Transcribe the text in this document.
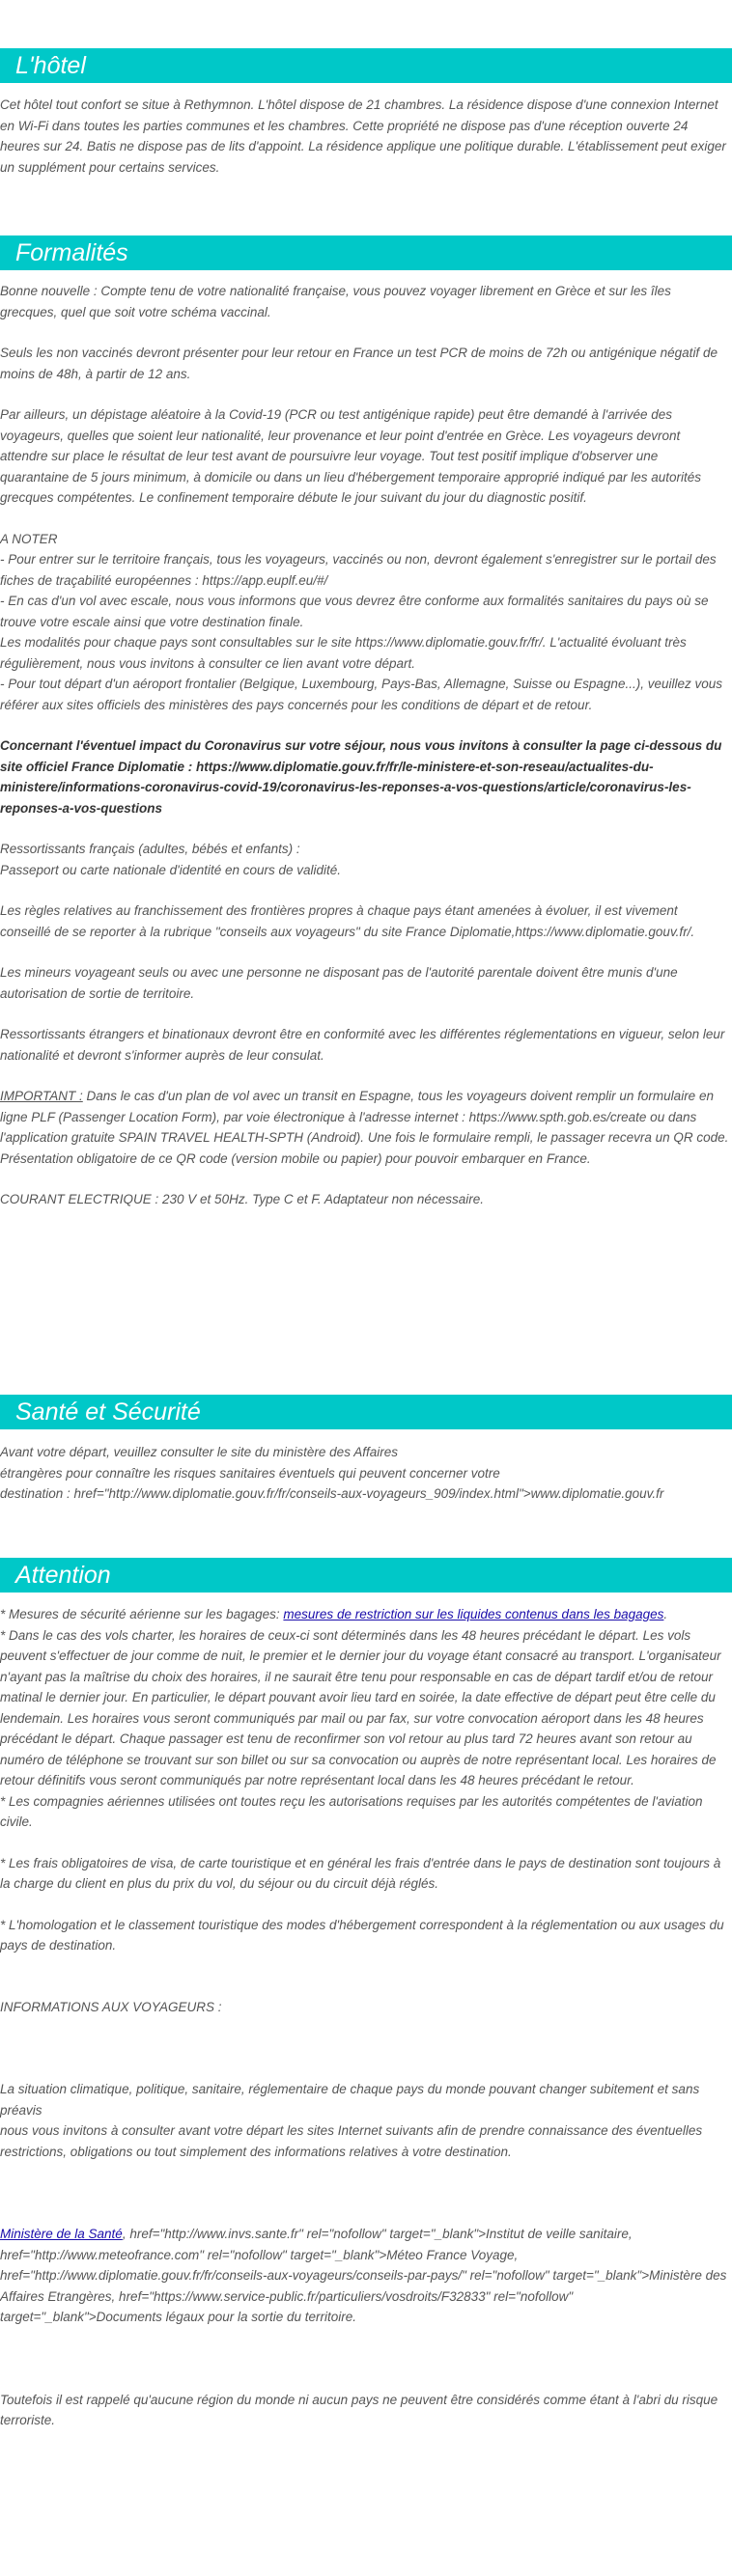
L'hôtel

Cet hôtel tout confort se situe à Rethymnon. L'hôtel dispose de 21 chambres. La résidence dispose d'une connexion Internet en Wi-Fi dans toutes les parties communes et les chambres. Cette propriété ne dispose pas d'une réception ouverte 24 heures sur 24. Batis ne dispose pas de lits d'appoint. La résidence applique une politique durable. L'établissement peut exiger un supplément pour certains services.

Formalités

Bonne nouvelle : Compte tenu de votre nationalité française, vous pouvez voyager librement en Grèce et sur les îles grecques, quel que soit votre schéma vaccinal.

Seuls les non vaccinés devront présenter pour leur retour en France un test PCR de moins de 72h ou antigénique négatif de moins de 48h, à partir de 12 ans.

Par ailleurs, un dépistage aléatoire à la Covid-19 (PCR ou test antigénique rapide) peut être demandé à l'arrivée des voyageurs, quelles que soient leur nationalité, leur provenance et leur point d'entrée en Grèce. Les voyageurs devront attendre sur place le résultat de leur test avant de poursuivre leur voyage. Tout test positif implique d'observer une quarantaine de 5 jours minimum, à domicile ou dans un lieu d'hébergement temporaire approprié indiqué par les autorités grecques compétentes. Le confinement temporaire débute le jour suivant du jour du diagnostic positif.

A NOTER

- Pour entrer sur le territoire français, tous les voyageurs, vaccinés ou non, devront également s'enregistrer sur le portail des fiches de traçabilité européennes : https://app.euplf.eu/#/

- En cas d'un vol avec escale, nous vous informons que vous devrez être conforme aux formalités sanitaires du pays où se trouve votre escale ainsi que votre destination finale.

Les modalités pour chaque pays sont consultables sur le site https://www.diplomatie.gouv.fr/fr/. L'actualité évoluant très régulièrement, nous vous invitons à consulter ce lien avant votre départ.

- Pour tout départ d'un aéroport frontalier (Belgique, Luxembourg, Pays-Bas, Allemagne, Suisse ou Espagne...), veuillez vous référer aux sites officiels des ministères des pays concernés pour les conditions de départ et de retour.

Concernant l'éventuel impact du Coronavirus sur votre séjour, nous vous invitons à consulter la page ci-dessous du site officiel France Diplomatie : https://www.diplomatie.gouv.fr/fr/le-ministere-et-son-reseau/actualites-du-ministere/informations-coronavirus-covid-19/coronavirus-les-reponses-a-vos-questions/article/coronavirus-les-reponses-a-vos-questions

Ressortissants français (adultes, bébés et enfants) :

Passeport ou carte nationale d'identité en cours de validité.

Les règles relatives au franchissement des frontières propres à chaque pays étant amenées à évoluer, il est vivement conseillé de se reporter à la rubrique "conseils aux voyageurs" du site France Diplomatie,https://www.diplomatie.gouv.fr/.

Les mineurs voyageant seuls ou avec une personne ne disposant pas de l'autorité parentale doivent être munis d'une autorisation de sortie de territoire.

Ressortissants étrangers et binationaux devront être en conformité avec les différentes réglementations en vigueur, selon leur nationalité et devront s'informer auprès de leur consulat.

IMPORTANT : Dans le cas d'un plan de vol avec un transit en Espagne, tous les voyageurs doivent remplir un formulaire en ligne PLF (Passenger Location Form), par voie électronique à l'adresse internet : https://www.spth.gob.es/create ou dans l'application gratuite SPAIN TRAVEL HEALTH-SPTH (Android). Une fois le formulaire rempli, le passager recevra un QR code. Présentation obligatoire de ce QR code (version mobile ou papier) pour pouvoir embarquer en France.

COURANT ELECTRIQUE : 230 V et 50Hz. Type C et F. Adaptateur non nécessaire.

Santé et Sécurité

Avant votre départ, veuillez consulter le site du ministère des Affaires

étrangères pour connaître les risques sanitaires éventuels qui peuvent concerner votre

destination : href="http://www.diplomatie.gouv.fr/fr/conseils-aux-voyageurs_909/index.html">www.diplomatie.gouv.fr

Attention

* Mesures de sécurité aérienne sur les bagages: mesures de restriction sur les liquides contenus dans les bagages.

* Dans le cas des vols charter, les horaires de ceux-ci sont déterminés dans les 48 heures précédant le départ. Les vols peuvent s'effectuer de jour comme de nuit, le premier et le dernier jour du voyage étant consacré au transport. L'organisateur n'ayant pas la maîtrise du choix des horaires, il ne saurait être tenu pour responsable en cas de départ tardif et/ou de retour matinal le dernier jour. En particulier, le départ pouvant avoir lieu tard en soirée, la date effective de départ peut être celle du lendemain. Les horaires vous seront communiqués par mail ou par fax, sur votre convocation aéroport dans les 48 heures précédant le départ. Chaque passager est tenu de reconfirmer son vol retour au plus tard 72 heures avant son retour au numéro de téléphone se trouvant sur son billet ou sur sa convocation ou auprès de notre représentant local. Les horaires de retour définitifs vous seront communiqués par notre représentant local dans les 48 heures précédant le retour.

* Les compagnies aériennes utilisées ont toutes reçu les autorisations requises par les autorités compétentes de l'aviation civile.

* Les frais obligatoires de visa, de carte touristique et en général les frais d'entrée dans le pays de destination sont toujours à la charge du client en plus du prix du vol, du séjour ou du circuit déjà réglés.

* L'homologation et le classement touristique des modes d'hébergement correspondent à la réglementation ou aux usages du pays de destination.

INFORMATIONS AUX VOYAGEURS :

La situation climatique, politique, sanitaire, réglementaire de chaque pays du monde pouvant changer subitement et sans préavis

nous vous invitons à consulter avant votre départ les sites Internet suivants afin de prendre connaissance des éventuelles restrictions, obligations ou tout simplement des informations relatives à votre destination.

Ministère de la Santé, href="http://www.invs.sante.fr" rel="nofollow" target="_blank">Institut de veille sanitaire, href="http://www.meteofrance.com" rel="nofollow" target="_blank">Méteo France Voyage, href="http://www.diplomatie.gouv.fr/fr/conseils-aux-voyageurs/conseils-par-pays/" rel="nofollow" target="_blank">Ministère des Affaires Etrangères, href="https://www.service-public.fr/particuliers/vosdroits/F32833" rel="nofollow" target="_blank">Documents légaux pour la sortie du territoire.

Toutefois il est rappelé qu'aucune région du monde ni aucun pays ne peuvent être considérés comme étant à l'abri du risque terroriste.
